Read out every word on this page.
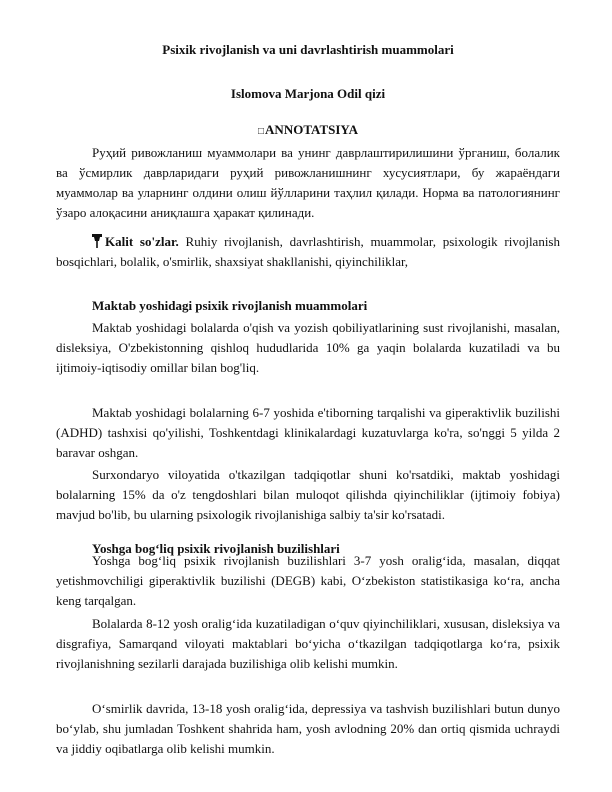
Psixik rivojlanish va uni davrlashtirish muammolari
Islomova Marjona Odil qizi
□ANNOTATSIYA

Руҳий ривожланиш муаммолари ва унинг даврлаштирилишини ўрганиш, болалик ва ўсмирлик даврларидаги руҳий ривожланишнинг хусусиятлари, бу жараёндаги муаммолар ва уларнинг олдини олиш йўлларини таҳлил қилади. Норма ва патологиянинг ўзаро алоқасини аниқлашга ҳаракат қилинади.

Kalit so'zlar. Ruhiy rivojlanish, davrlashtirish, muammolar, psixologik rivojlanish bosqichlari, bolalik, o'smirlik, shaxsiyat shakllanishi, qiyinchiliklar,

Maktab yoshidagi psixik rivojlanish muammolari

Maktab yoshidagi bolalarda o'qish va yozish qobiliyatlarining sust rivojlanishi, masalan, disleksiya, O'zbekistonning qishloq hududlarida 10% ga yaqin bolalarda kuzatiladi va bu ijtimoiy-iqtisodiy omillar bilan bog'liq.

Maktab yoshidagi bolalarning 6-7 yoshida e'tiborning tarqalishi va giperaktivlik buzilishi (ADHD) tashxisi qo'yilishi, Toshkentdagi klinikalardagi kuzatuvlarga ko'ra, so'nggi 5 yilda 2 baravar oshgan.

Surxondaryo viloyatida o'tkazilgan tadqiqotlar shuni ko'rsatdiki, maktab yoshidagi bolalarning 15% da o'z tengdoshlari bilan muloqot qilishda qiyinchiliklar (ijtimoiy fobiya) mavjud bo'lib, bu ularning psixologik rivojlanishiga salbiy ta'sir ko'rsatadi.

Yoshga bog‘liq psixik rivojlanish buzilishlari

Yoshga bog‘liq psixik rivojlanish buzilishlari 3-7 yosh oralig‘ida, masalan, diqqat yetishmovchiligi giperaktivlik buzilishi (DEGB) kabi, O‘zbekiston statistikasiga ko‘ra, ancha keng tarqalgan.

Bolalarda 8-12 yosh oralig‘ida kuzatiladigan o‘quv qiyinchiliklari, xususan, disleksiya va disgrafiya, Samarqand viloyati maktablari bo‘yicha o‘tkazilgan tadqiqotlarga ko‘ra, psixik rivojlanishning sezilarli darajada buzilishiga olib kelishi mumkin.

O‘smirlik davrida, 13-18 yosh oralig‘ida, depressiya va tashvish buzilishlari butun dunyo bo‘ylab, shu jumladan Toshkent shahrida ham, yosh avlodning 20% dan ortiq qismida uchraydi va jiddiy oqibatlarga olib kelishi mumkin.
